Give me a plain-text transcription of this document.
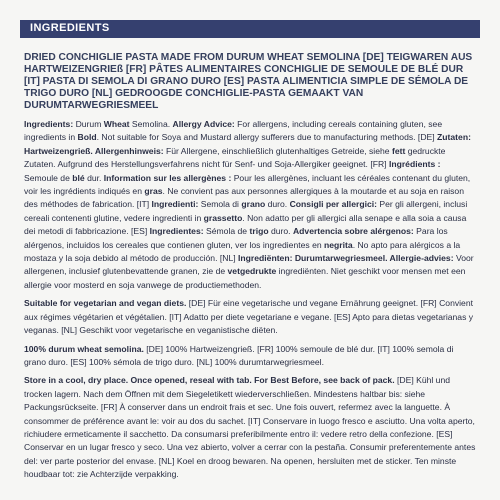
INGREDIENTS

DRIED CONCHIGLIE PASTA MADE FROM DURUM WHEAT SEMOLINA [DE] TEIGWAREN AUS HARTWEIZENGRIEß [FR] PÂTES ALIMENTAIRES CONCHIGLIE DE SEMOULE DE BLÉ DUR [IT] PASTA DI SEMOLA DI GRANO DURO [ES] PASTA ALIMENTICIA SIMPLE DE SÉMOLA DE TRIGO DURO [NL] GEDROOGDE CONCHIGLIE-PASTA GEMAAKT VAN DURUMTARWEGRIESMEEL

Ingredients: Durum Wheat Semolina. Allergy Advice: For allergens, including cereals containing gluten, see ingredients in Bold. Not suitable for Soya and Mustard allergy sufferers due to manufacturing methods. [DE] Zutaten: Hartweizengrieß. Allergenhinweis: Für Allergene, einschließlich glutenhaltiges Getreide, siehe fett gedruckte Zutaten. Aufgrund des Herstellungsverfahrens nicht für Senf- und Soja-Allergiker geeignet. [FR] Ingrédients : Semoule de blé dur. Information sur les allergènes : Pour les allergènes, incluant les céréales contenant du gluten, voir les ingrédients indiqués en gras. Ne convient pas aux personnes allergiques à la moutarde et au soja en raison des méthodes de fabrication. [IT] Ingredienti: Semola di grano duro. Consigli per allergici: Per gli allergeni, inclusi cereali contenenti glutine, vedere ingredienti in grassetto. Non adatto per gli allergici alla senape e alla soia a causa dei metodi di fabbricazione. [ES] Ingredientes: Sémola de trigo duro. Advertencia sobre alérgenos: Para los alérgenos, incluidos los cereales que contienen gluten, ver los ingredientes en negrita. No apto para alérgicos a la mostaza y la soja debido al método de producción. [NL] Ingrediënten: Durumtarwegriesmeel. Allergie-advies: Voor allergenen, inclusief glutenbevattende granen, zie de vetgedrukte ingrediënten. Niet geschikt voor mensen met een allergie voor mosterd en soja vanwege de productiemethoden.

Suitable for vegetarian and vegan diets. [DE] Für eine vegetarische und vegane Ernährung geeignet. [FR] Convient aux régimes végétarien et végétalien. [IT] Adatto per diete vegetariane e vegane. [ES] Apto para dietas vegetarianas y veganas. [NL] Geschikt voor vegetarische en veganistische diëten.

100% durum wheat semolina. [DE] 100% Hartweizengrieß. [FR] 100% semoule de blé dur. [IT] 100% semola di grano duro. [ES] 100% sémola de trigo duro. [NL] 100% durumtarwegriesmeel.

Store in a cool, dry place. Once opened, reseal with tab. For Best Before, see back of pack. [DE] Kühl und trocken lagern. Nach dem Öffnen mit dem Siegeletikett wiederverschließen. Mindestens haltbar bis: siehe Packungsrückseite. [FR] À conserver dans un endroit frais et sec. Une fois ouvert, refermez avec la languette. À consommer de préférence avant le: voir au dos du sachet. [IT] Conservare in luogo fresco e asciutto. Una volta aperto, richiudere ermeticamente il sacchetto. Da consumarsi preferibilmente entro il: vedere retro della confezione. [ES] Conservar en un lugar fresco y seco. Una vez abierto, volver a cerrar con la pestaña. Consumir preferentemente antes del: ver parte posterior del envase. [NL] Koel en droog bewaren. Na openen, hersluiten met de sticker. Ten minste houdbaar tot: zie Achterzijde verpakking.
